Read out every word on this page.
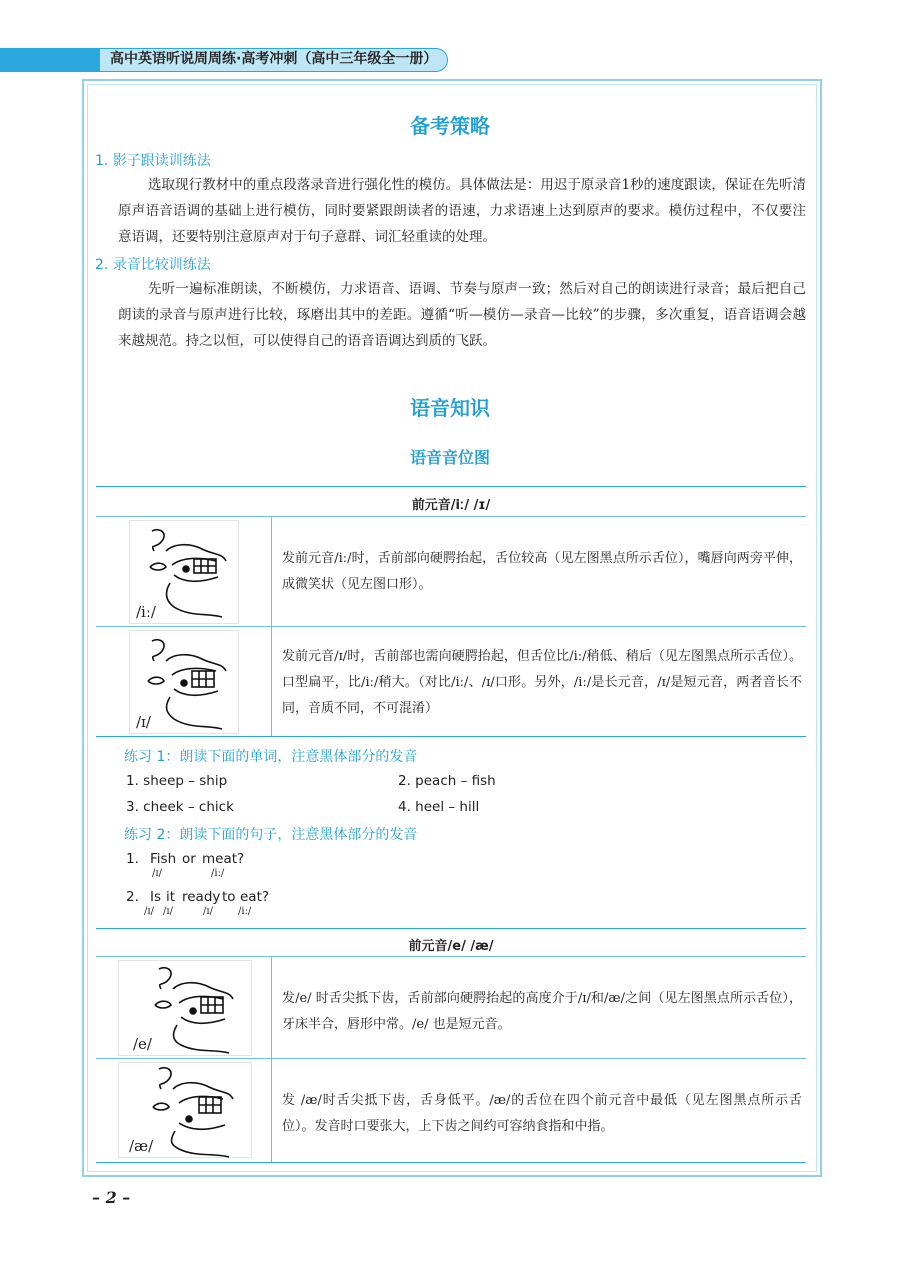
高中英语听说周周练·高考冲刺（高中三年级全一册）
备考策略
1. 影子跟读训练法
选取现行教材中的重点段落录音进行强化性的模仿。具体做法是：用迟于原录音1秒的速度跟读，保证在先听清原声语音语调的基础上进行模仿，同时要紧跟朗读者的语速，力求语速上达到原声的要求。模仿过程中，不仅要注意语调，还要特别注意原声对于句子意群、词汇轻重读的处理。
2. 录音比较训练法
先听一遍标准朗读，不断模仿，力求语音、语调、节奏与原声一致；然后对自己的朗读进行录音；最后把自己朗读的录音与原声进行比较，琢磨出其中的差距。遵循“听—模仿—录音—比较”的步骤，多次重复，语音语调会越来越规范。持之以恒，可以使得自己的语音语调达到质的飞跃。
语音知识
语音音位图
前元音/iː/ /ɪ/
/iː/
发前元音/iː/时，舌前部向硬腭抬起，舌位较高（见左图黑点所示舌位），嘴唇向两旁平伸，成微笑状（见左图口形）。
/ɪ/
发前元音/ɪ/时，舌前部也需向硬腭抬起，但舌位比/iː/稍低、稍后（见左图黑点所示舌位）。口型扁平，比/iː/稍大。（对比/iː/、/ɪ/口形。另外，/iː/是长元音，/ɪ/是短元音，两者音长不同，音质不同，不可混淆）
练习 1：朗读下面的单词，注意黑体部分的发音
1. sheep – ship	2. peach – fish
3. cheek – chick	4. heel – hill
练习 2：朗读下面的句子，注意黑体部分的发音
1. Fish or meat?
/ɪ/	/iː/
2. Is it ready to eat?
/ɪ/ /ɪ/	/ɪ/	/iː/
前元音/e/ /æ/
/e/
发/e/ 时舌尖抵下齿，舌前部向硬腭抬起的高度介于/ɪ/和/æ/之间（见左图黑点所示舌位），牙床半合，唇形中常。/e/ 也是短元音。
/æ/
发 /æ/时舌尖抵下齿，舌身低平。/æ/的舌位在四个前元音中最低（见左图黑点所示舌位）。发音时口要张大，上下齿之间约可容纳食指和中指。
– 2 –
